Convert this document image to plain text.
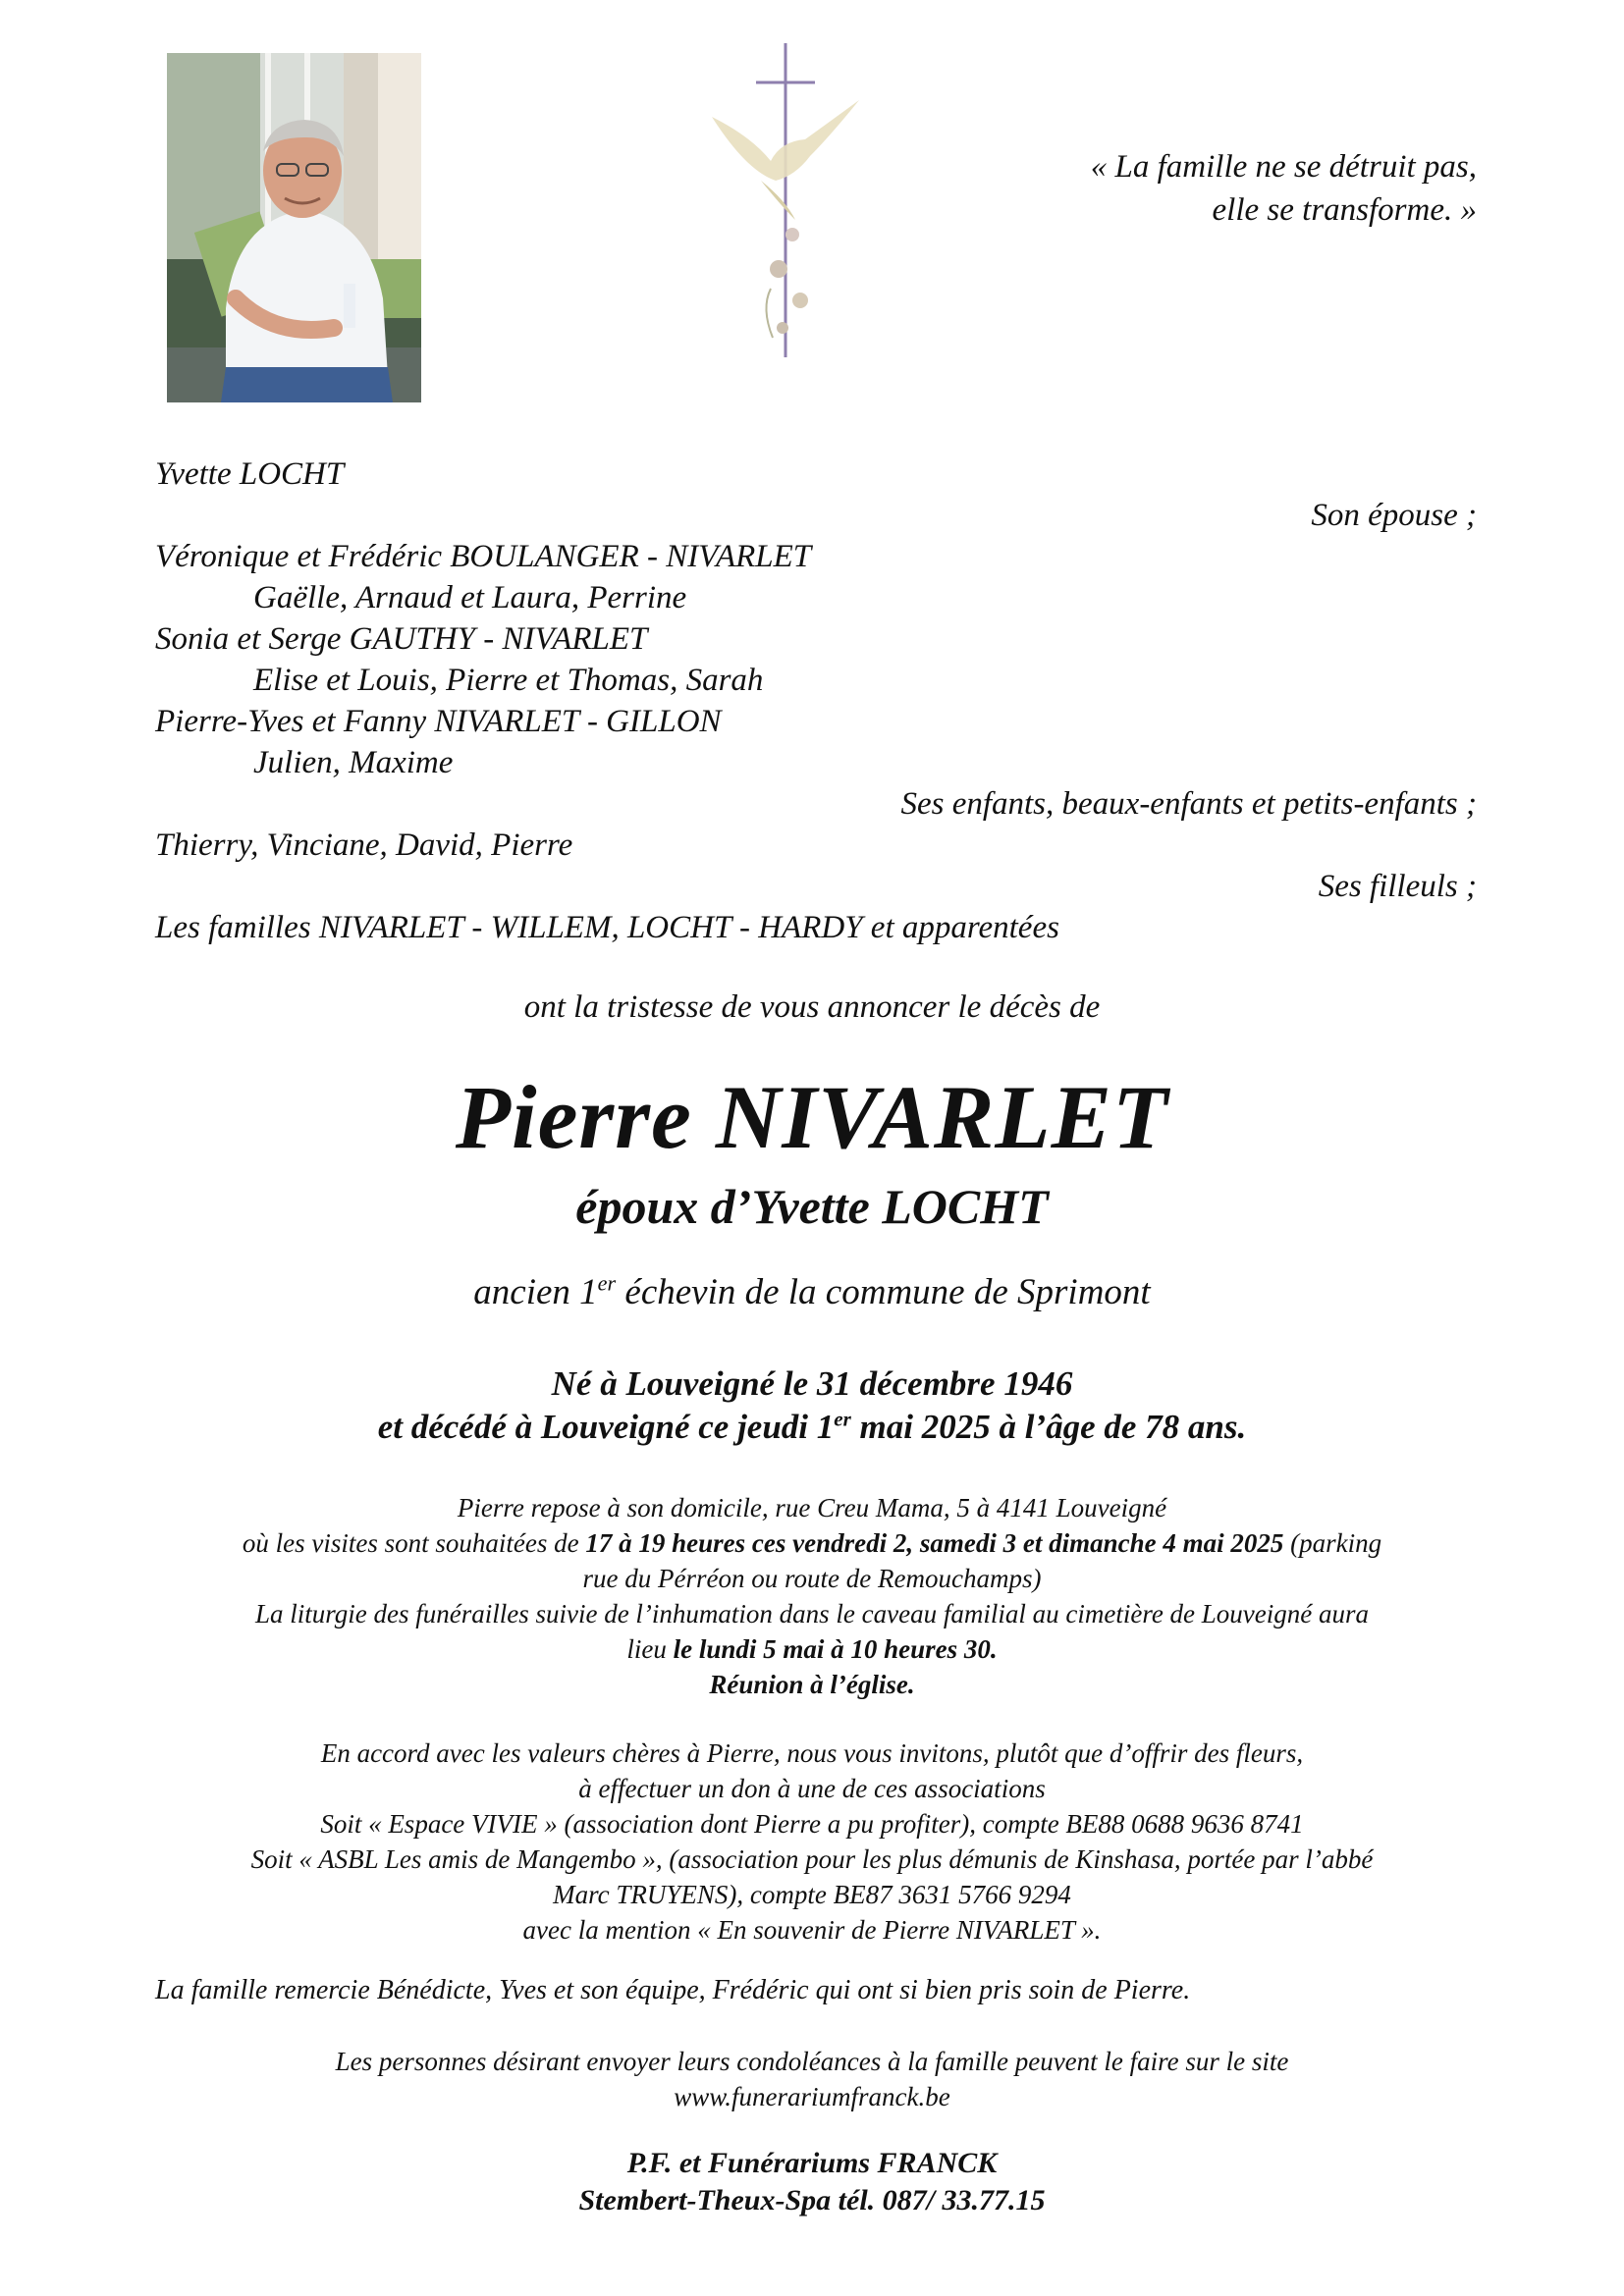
« La famille ne se détruit pas,
elle se transforme. »
Yvette LOCHT
Son épouse ;
Véronique et Frédéric BOULANGER - NIVARLET
Gaëlle, Arnaud et Laura, Perrine
Sonia et Serge GAUTHY - NIVARLET
Elise et Louis, Pierre et Thomas, Sarah
Pierre-Yves et Fanny NIVARLET - GILLON
Julien, Maxime
Ses enfants, beaux-enfants et petits-enfants ;
Thierry, Vinciane, David, Pierre
Ses filleuls ;
Les familles NIVARLET - WILLEM, LOCHT - HARDY et apparentées
ont la tristesse de vous annoncer le décès de
Pierre NIVARLET
époux d’Yvette LOCHT
ancien 1er échevin de la commune de Sprimont
Né à Louveigné le 31 décembre 1946
et décédé à Louveigné ce jeudi 1er mai 2025 à l’âge de 78 ans.
Pierre repose à son domicile, rue Creu Mama, 5 à 4141 Louveigné
où les visites sont souhaitées de 17 à 19 heures ces vendredi 2, samedi 3 et dimanche 4 mai 2025 (parking
rue du Pérréon ou route de Remouchamps)
La liturgie des funérailles suivie de l’inhumation dans le caveau familial au cimetière de Louveigné aura
lieu le lundi 5 mai à 10 heures 30.
Réunion à l’église.
En accord avec les valeurs chères à Pierre, nous vous invitons, plutôt que d’offrir des fleurs,
à effectuer un don à une de ces associations
Soit « Espace VIVIE » (association dont Pierre a pu profiter), compte BE88 0688 9636 8741
Soit « ASBL Les amis de Mangembo », (association pour les plus démunis de Kinshasa, portée par l’abbé
Marc TRUYENS), compte BE87 3631 5766 9294
avec la mention « En souvenir de Pierre NIVARLET ».
La famille remercie Bénédicte, Yves et son équipe, Frédéric qui ont si bien pris soin de Pierre.
Les personnes désirant envoyer leurs condoléances à la famille peuvent le faire sur le site
www.funerariumfranck.be
P.F. et Funérariums FRANCK
Stembert-Theux-Spa tél. 087/ 33.77.15
